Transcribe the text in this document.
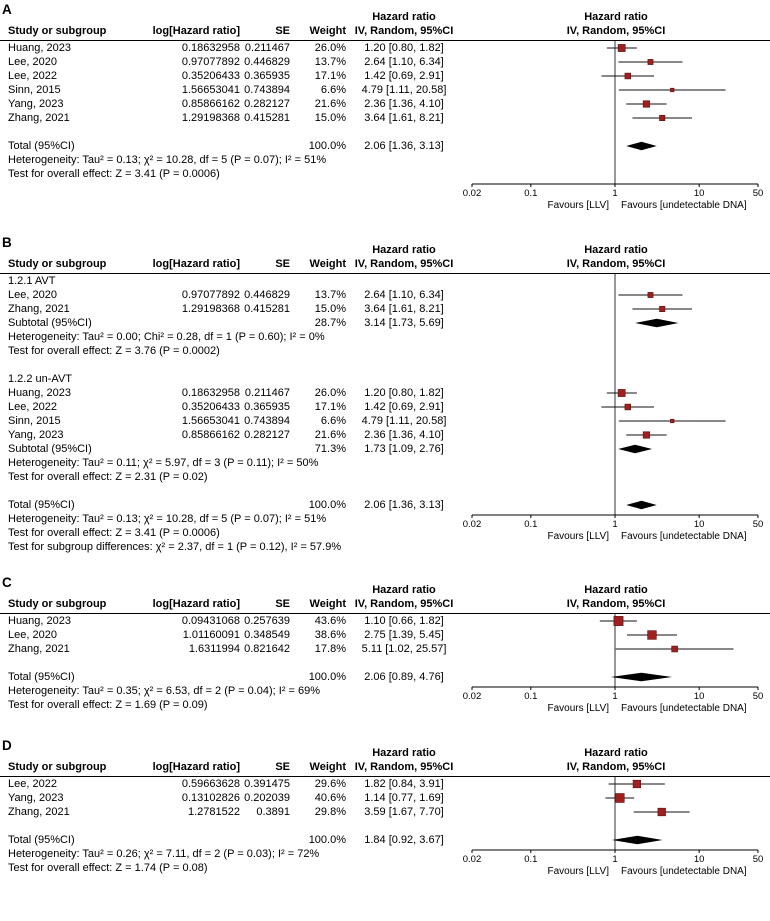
A	Hazard ratio	Hazard ratio
Study or subgroup	log[Hazard ratio]	SE	Weight IV, Random, 95%CI	IV, Random, 95%CI
Huang, 2023	0.18632958 0.211467	26.0%	1.20 [0.80, 1.82]
Lee, 2020	0.97077892 0.446829	13.7%	2.64 [1.10, 6.34]
Lee, 2022	0.35206433 0.365935	17.1%	1.42 [0.69, 2.91]
Sinn, 2015	1.56653041 0.743894	6.6%	4.79 [1.11, 20.58]
Yang, 2023	0.85866162 0.282127	21.6%	2.36 [1.36, 4.10]
Zhang, 2021	1.29198368 0.415281	15.0%	3.64 [1.61, 8.21]
Total (95%CI)	100.0%	2.06 [1.36, 3.13]
Heterogeneity: Tau² = 0.13; χ² = 10.28, df = 5 (P = 0.07); I² = 51%
Test for overall effect: Z = 3.41 (P = 0.0006)
0.02	0.1	1	10	50
Favours [LLV] Favours [undetectable DNA]
B	Hazard ratio	Hazard ratio
Study or subgroup	log[Hazard ratio]	SE	Weight IV, Random, 95%CI	IV, Random, 95%CI
1.2.1 AVT
Lee, 2020	0.97077892 0.446829	13.7%	2.64 [1.10, 6.34]
Zhang, 2021	1.29198368 0.415281	15.0%	3.64 [1.61, 8.21]
Subtotal (95%CI)	28.7%	3.14 [1.73, 5.69]
Heterogeneity: Tau² = 0.00; Chi² = 0.28, df = 1 (P = 0.60); I² = 0%
Test for overall effect: Z = 3.76 (P = 0.0002)
1.2.2 un-AVT
Huang, 2023	0.18632958 0.211467	26.0%	1.20 [0.80, 1.82]
Lee, 2022	0.35206433 0.365935	17.1%	1.42 [0.69, 2.91]
Sinn, 2015	1.56653041 0.743894	6.6%	4.79 [1.11, 20.58]
Yang, 2023	0.85866162 0.282127	21.6%	2.36 [1.36, 4.10]
Subtotal (95%CI)	71.3%	1.73 [1.09, 2.76]
Heterogeneity: Tau² = 0.11; χ² = 5.97, df = 3 (P = 0.11); I² = 50%
Test for overall effect: Z = 2.31 (P = 0.02)
Total (95%CI)	100.0%	2.06 [1.36, 3.13]
Heterogeneity: Tau² = 0.13; χ² = 10.28, df = 5 (P = 0.07); I² = 51%
Test for overall effect: Z = 3.41 (P = 0.0006)
Test for subgroup differences: χ² = 2.37, df = 1 (P = 0.12), I² = 57.9%
0.02	0.1	1	10	50
Favours [LLV] Favours [undetectable DNA]
C	Hazard ratio	Hazard ratio
Study or subgroup	log[Hazard ratio]	SE	Weight IV, Random, 95%CI	IV, Random, 95%CI
Huang, 2023	0.09431068 0.257639	43.6%	1.10 [0.66, 1.82]
Lee, 2020	1.01160091 0.348549	38.6%	2.75 [1.39, 5.45]
Zhang, 2021	1.6311994 0.821642	17.8%	5.11 [1.02, 25.57]
Total (95%CI)	100.0%	2.06 [0.89, 4.76]
Heterogeneity: Tau² = 0.35; χ² = 6.53, df = 2 (P = 0.04); I² = 69%
Test for overall effect: Z = 1.69 (P = 0.09)
0.02	0.1	1	10	50
Favours [LLV] Favours [undetectable DNA]
D	Hazard ratio	Hazard ratio
Study or subgroup	log[Hazard ratio]	SE	Weight IV, Random, 95%CI	IV, Random, 95%CI
Lee, 2022	0.59663628 0.391475	29.6%	1.82 [0.84, 3.91]
Yang, 2023	0.13102826 0.202039	40.6%	1.14 [0.77, 1.69]
Zhang, 2021	1.2781522	0.3891	29.8%	3.59 [1.67, 7.70]
Total (95%CI)	100.0%	1.84 [0.92, 3.67]
Heterogeneity: Tau² = 0.26; χ² = 7.11, df = 2 (P = 0.03); I² = 72%
Test for overall effect: Z = 1.74 (P = 0.08)
0.02	0.1	1	10	50
Favours [LLV] Favours [undetectable DNA]
